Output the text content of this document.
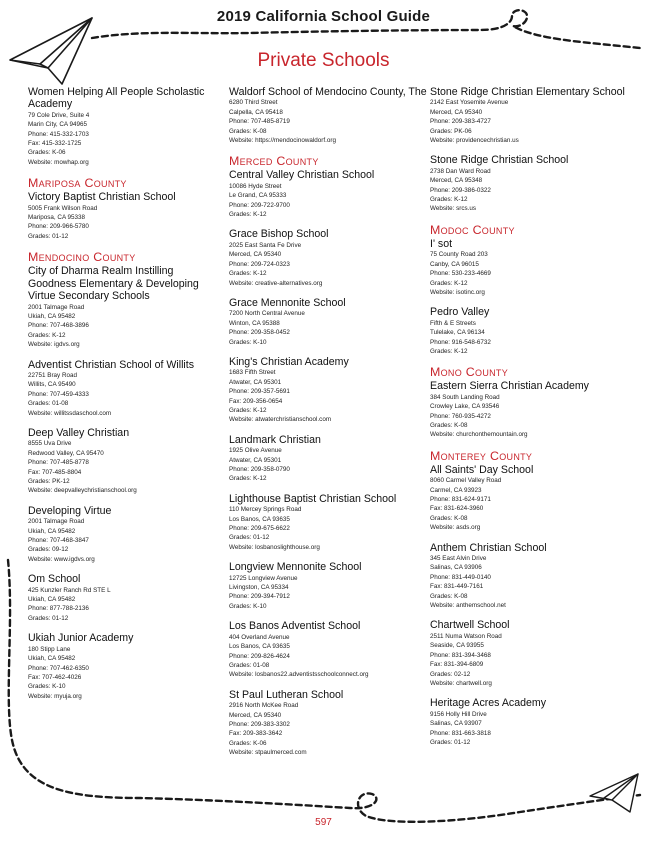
2019 California School Guide
Private Schools
Women Helping All People Scholastic Academy
79 Cole Drive, Suite 4
Marin City, CA 94965
Phone: 415-332-1703
Fax: 415-332-1725
Grades: K-06
Website: mowhap.org
Mariposa County
Victory Baptist Christian School
5005 Frank Wilson Road
Mariposa, CA 95338
Phone: 209-966-5780
Grades: 01-12
Mendocino County
City of Dharma Realm Instilling Goodness Elementary & Developing Virtue Secondary Schools
2001 Talmage Road
Ukiah, CA 95482
Phone: 707-468-3896
Grades: K-12
Website: igdvs.org
Adventist Christian School of Willits
22751 Bray Road
Willits, CA 95490
Phone: 707-459-4333
Grades: 01-08
Website: willitssdaschool.com
Deep Valley Christian
8555 Uva Drive
Redwood Valley, CA 95470
Phone: 707-485-8778
Fax: 707-485-8804
Grades: PK-12
Website: deepvalleychristianschool.org
Developing Virtue
2001 Talmage Road
Ukiah, CA 95482
Phone: 707-468-3847
Grades: 09-12
Website: www.igdvs.org
Om School
425 Kunzler Ranch Rd STE L
Ukiah, CA 95482
Phone: 877-788-2136
Grades: 01-12
Ukiah Junior Academy
180 Stipp Lane
Ukiah, CA 95482
Phone: 707-462-6350
Fax: 707-462-4026
Grades: K-10
Website: myuja.org
Waldorf School of Mendocino County, The
6280 Third Street
Calpella, CA 95418
Phone: 707-485-8719
Grades: K-08
Website: https://mendocinowaldorf.org
Merced County
Central Valley Christian School
10086 Hyde Street
Le Grand, CA 95333
Phone: 209-722-9700
Grades: K-12
Grace Bishop School
2025 East Santa Fe Drive
Merced, CA 95340
Phone: 209-724-0323
Grades: K-12
Website: creative-alternatives.org
Grace Mennonite School
7200 North Central Avenue
Winton, CA 95388
Phone: 209-358-0452
Grades: K-10
King's Christian Academy
1683 Fifth Street
Atwater, CA 95301
Phone: 209-357-5691
Fax: 209-356-0654
Grades: K-12
Website: atwaterchristianschool.com
Landmark Christian
1925 Olive Avenue
Atwater, CA 95301
Phone: 209-358-0790
Grades: K-12
Lighthouse Baptist Christian School
110 Mercey Springs Road
Los Banos, CA 93635
Phone: 209-675-6622
Grades: 01-12
Website: losbanoslighthouse.org
Longview Mennonite School
12725 Longview Avenue
Livingston, CA 95334
Phone: 209-394-7912
Grades: K-10
Los Banos Adventist School
404 Overland Avenue
Los Banos, CA 93635
Phone: 209-826-4624
Grades: 01-08
Website: losbanos22.adventistsschoolconnect.org
St Paul Lutheran School
2916 North McKee Road
Merced, CA 95340
Phone: 209-383-3302
Fax: 209-383-3642
Grades: K-06
Website: stpaulmerced.com
Stone Ridge Christian Elementary School
2142 East Yosemite Avenue
Merced, CA 95340
Phone: 209-383-4727
Grades: PK-06
Website: providencechristian.us
Stone Ridge Christian School
2738 Dan Ward Road
Merced, CA 95348
Phone: 209-386-0322
Grades: K-12
Website: srcs.us
Modoc County
I' sot
75 County Road 203
Canby, CA 96015
Phone: 530-233-4669
Grades: K-12
Website: isotinc.org
Pedro Valley
Fifth & E Streets
Tulelake, CA 96134
Phone: 916-548-6732
Grades: K-12
Mono County
Eastern Sierra Christian Academy
384 South Landing Road
Crowley Lake, CA 93546
Phone: 760-935-4272
Grades: K-08
Website: churchonthemountain.org
Monterey County
All Saints' Day School
8060 Carmel Valley Road
Carmel, CA 93923
Phone: 831-624-9171
Fax: 831-624-3960
Grades: K-08
Website: asds.org
Anthem Christian School
345 East Alvin Drive
Salinas, CA 93906
Phone: 831-449-0140
Fax: 831-449-7161
Grades: K-08
Website: anthemschool.net
Chartwell School
2511 Numa Watson Road
Seaside, CA 93955
Phone: 831-394-3468
Fax: 831-394-6809
Grades: 02-12
Website: chartwell.org
Heritage Acres Academy
9156 Holly Hill Drive
Salinas, CA 93907
Phone: 831-663-3818
Grades: 01-12
597
